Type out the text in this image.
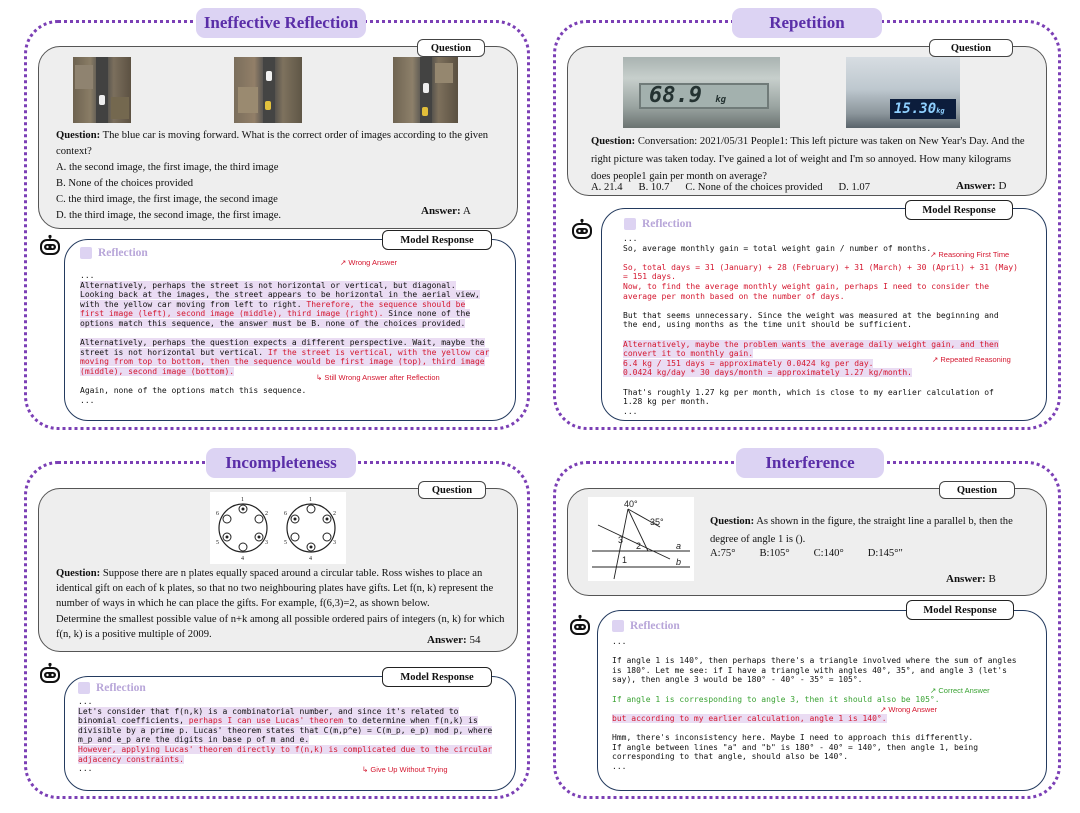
Ineffective Reflection
Question
Question: The blue car is moving forward. What is the correct order of images according to the given context?
A. the second image, the first image, the third image
B. None of the choices provided
C. the third image, the first image, the second image
D. the third image, the second image, the first image.	Answer: A
Model Response
Reflection
...
Alternatively, perhaps the street is not horizontal or vertical, but diagonal.
Looking back at the images, the street appears to be horizontal in the aerial view,
with the yellow car moving from left to right. Therefore, the sequence should be
first image (left), second image (middle), third image (right). Since none of the
options match this sequence, the answer must be B. none of the choices provided.

Alternatively, perhaps the question expects a different perspective. Wait, maybe the
street is not horizontal but vertical. If the street is vertical, with the yellow car
moving from top to bottom, then the sequence would be first image (top), third image
(middle), second image (bottom).

Again, none of the options match this sequence.
...
↗ Wrong Answer
↳ Still Wrong Answer after Reflection
Repetition
Question
68.9 kg
15.30kg
Question: Conversation: 2021/05/31 People1: This left picture was taken on New Year's Day. And the right picture was taken today. I've gained a lot of weight and I'm so annoyed. How many kilograms does people1 gain per month on average?
A. 21.4 B. 10.7 C. None of the choices provided D. 1.07	Answer: D
Model Response
Reflection
...
So, average monthly gain = total weight gain / number of months.

So, total days = 31 (January) + 28 (February) + 31 (March) + 30 (April) + 31 (May)
= 151 days.
Now, to find the average monthly weight gain, perhaps I need to consider the
average per month based on the number of days.

But that seems unnecessary. Since the weight was measured at the beginning and
the end, using months as the time unit should be sufficient.

Alternatively, maybe the problem wants the average daily weight gain, and then
convert it to monthly gain.
6.4 kg / 151 days = approximately 0.0424 kg per day.
0.0424 kg/day * 30 days/month = approximately 1.27 kg/month.

That's roughly 1.27 kg per month, which is close to my earlier calculation of
1.28 kg per month.
...
↗ Reasoning First Time
↗ Repeated Reasoning
Incompleteness
Question
1
2
3
4
5
6
1
2
3
4
5
6
Question: Suppose there are n plates equally spaced around a circular table. Ross wishes to place an identical gift on each of k plates, so that no two neighbouring plates have gifts. Let f(n, k) represent the number of ways in which he can place the gifts. For example, f(6,3)=2, as shown below.
Determine the smallest possible value of n+k among all possible ordered pairs of integers (n, k) for which f(n, k) is a positive multiple of 2009.	Answer: 54
Model Response
Reflection
...
Let's consider that f(n,k) is a combinatorial number, and since it's related to
binomial coefficients, perhaps I can use Lucas' theorem to determine when f(n,k) is
divisible by a prime p. Lucas' theorem states that C(m,p^e) = C(m_p, e_p) mod p, where
m_p and e_p are the digits in base p of m and e.
However, applying Lucas' theorem directly to f(n,k) is complicated due to the circular
adjacency constraints.
...	↳ Give Up Without Trying
Interference
Question
40°
35°
3
2
1
a
b
Question: As shown in the figure, the straight line a parallel b, then the degree of angle 1 is ().
A:75° B:105° C:140° D:145°"
Answer: B
Model Response
Reflection
...

If angle 1 is 140°, then perhaps there's a triangle involved where the sum of angles
is 180°. Let me see: if I have a triangle with angles 40°, 35°, and angle 3 (let's
say), then angle 3 would be 180° - 40° - 35° = 105°.

If angle 1 is corresponding to angle 3, then it should also be 105°.

but according to my earlier calculation, angle 1 is 140°.

Hmm, there's inconsistency here. Maybe I need to approach this differently.
If angle between lines "a" and "b" is 180° - 40° = 140°, then angle 1, being
corresponding to that angle, should also be 140°.
...
↗ Correct Answer
↗ Wrong Answer
